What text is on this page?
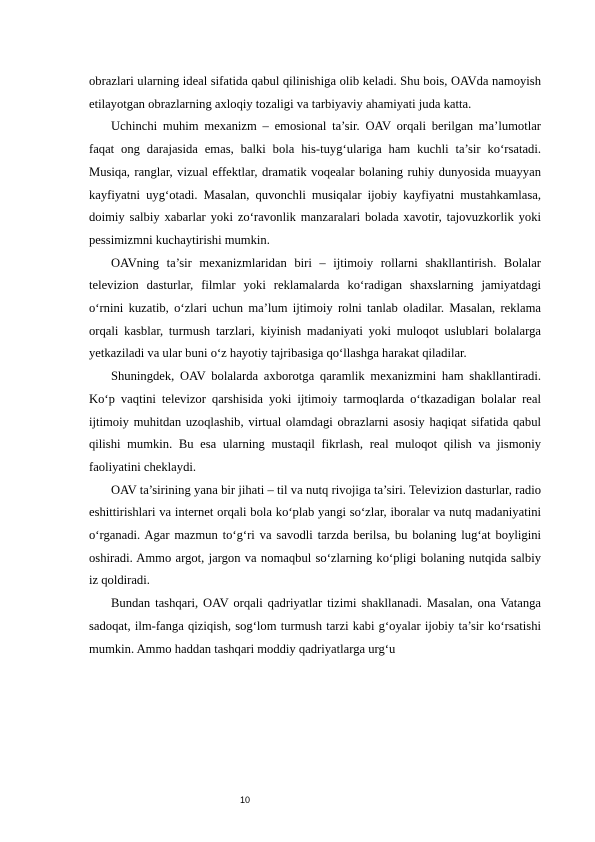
obrazlari ularning ideal sifatida qabul qilinishiga olib keladi. Shu bois, OAVda namoyish etilayotgan obrazlarning axloqiy tozaligi va tarbiyaviy ahamiyati juda katta.

Uchinchi muhim mexanizm – emosional ta’sir. OAV orqali berilgan ma’lumotlar faqat ong darajasida emas, balki bola his-tuyg‘ulariga ham kuchli ta’sir ko‘rsatadi. Musiqa, ranglar, vizual effektlar, dramatik voqealar bolaning ruhiy dunyosida muayyan kayfiyatni uyg‘otadi. Masalan, quvonchli musiqalar ijobiy kayfiyatni mustahkamlasa, doimiy salbiy xabarlar yoki zo‘ravonlik manzaralari bolada xavotir, tajovuzkorlik yoki pessimizmni kuchaytirishi mumkin.

OAVning ta’sir mexanizmlaridan biri – ijtimoiy rollarni shakllantirish. Bolalar televizion dasturlar, filmlar yoki reklamalarda ko‘radigan shaxslarning jamiyatdagi o‘rnini kuzatib, o‘zlari uchun ma’lum ijtimoiy rolni tanlab oladilar. Masalan, reklama orqali kasblar, turmush tarzlari, kiyinish madaniyati yoki muloqot uslublari bolalarga yetkaziladi va ular buni o‘z hayotiy tajribasiga qo‘llashga harakat qiladilar.

Shuningdek, OAV bolalarda axborotga qaramlik mexanizmini ham shakllantiradi. Ko‘p vaqtini televizor qarshisida yoki ijtimoiy tarmoqlarda o‘tkazadigan bolalar real ijtimoiy muhitdan uzoqlashib, virtual olamdagi obrazlarni asosiy haqiqat sifatida qabul qilishi mumkin. Bu esa ularning mustaqil fikrlash, real muloqot qilish va jismoniy faoliyatini cheklaydi.

OAV ta’sirining yana bir jihati – til va nutq rivojiga ta’siri. Televizion dasturlar, radio eshittirishlari va internet orqali bola ko‘plab yangi so‘zlar, iboralar va nutq madaniyatini o‘rganadi. Agar mazmun to‘g‘ri va savodli tarzda berilsa, bu bolaning lug‘at boyligini oshiradi. Ammo argot, jargon va nomaqbul so‘zlarning ko‘pligi bolaning nutqida salbiy iz qoldiradi.

Bundan tashqari, OAV orqali qadriyatlar tizimi shakllanadi. Masalan, ona Vatanga sadoqat, ilm-fanga qiziqish, sog‘lom turmush tarzi kabi g‘oyalar ijobiy ta’sir ko‘rsatishi mumkin. Ammo haddan tashqari moddiy qadriyatlarga urg‘u

10
